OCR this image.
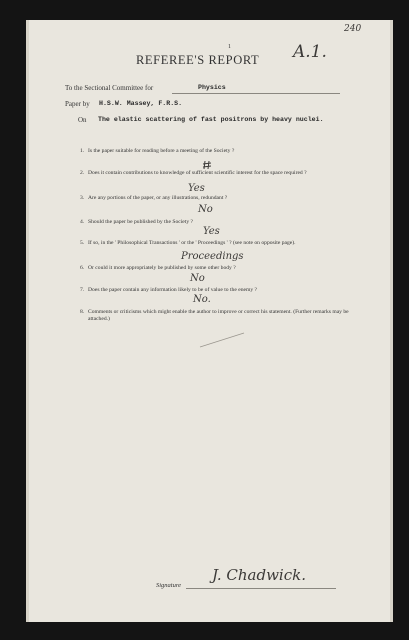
240
A.1.
1
REFEREE'S REPORT
To the Sectional Committee for	Physics
Paper by H.S.W. Massey, F.R.S.
On The elastic scattering of fast positrons by heavy nuclei.
1. Is the paper suitable for reading before a meeting of the Society ?
2. Does it contain contributions to knowledge of sufficient scientific interest for the space required ?
Yes
3. Are any portions of the paper, or any illustrations, redundant ?
No
4. Should the paper be published by the Society ?
Yes
5. If so, in the ' Philosophical Transactions ' or the ' Proceedings ' ? (see note on opposite page).
Proceedings
6. Or could it more appropriately be published by some other body ?
No
7. Does the paper contain any information likely to be of value to the enemy ?
No.
8. Comments or criticisms which might enable the author to improve or correct his statement. (Further remarks may be attached.)
Signature
J. Chadwick.
